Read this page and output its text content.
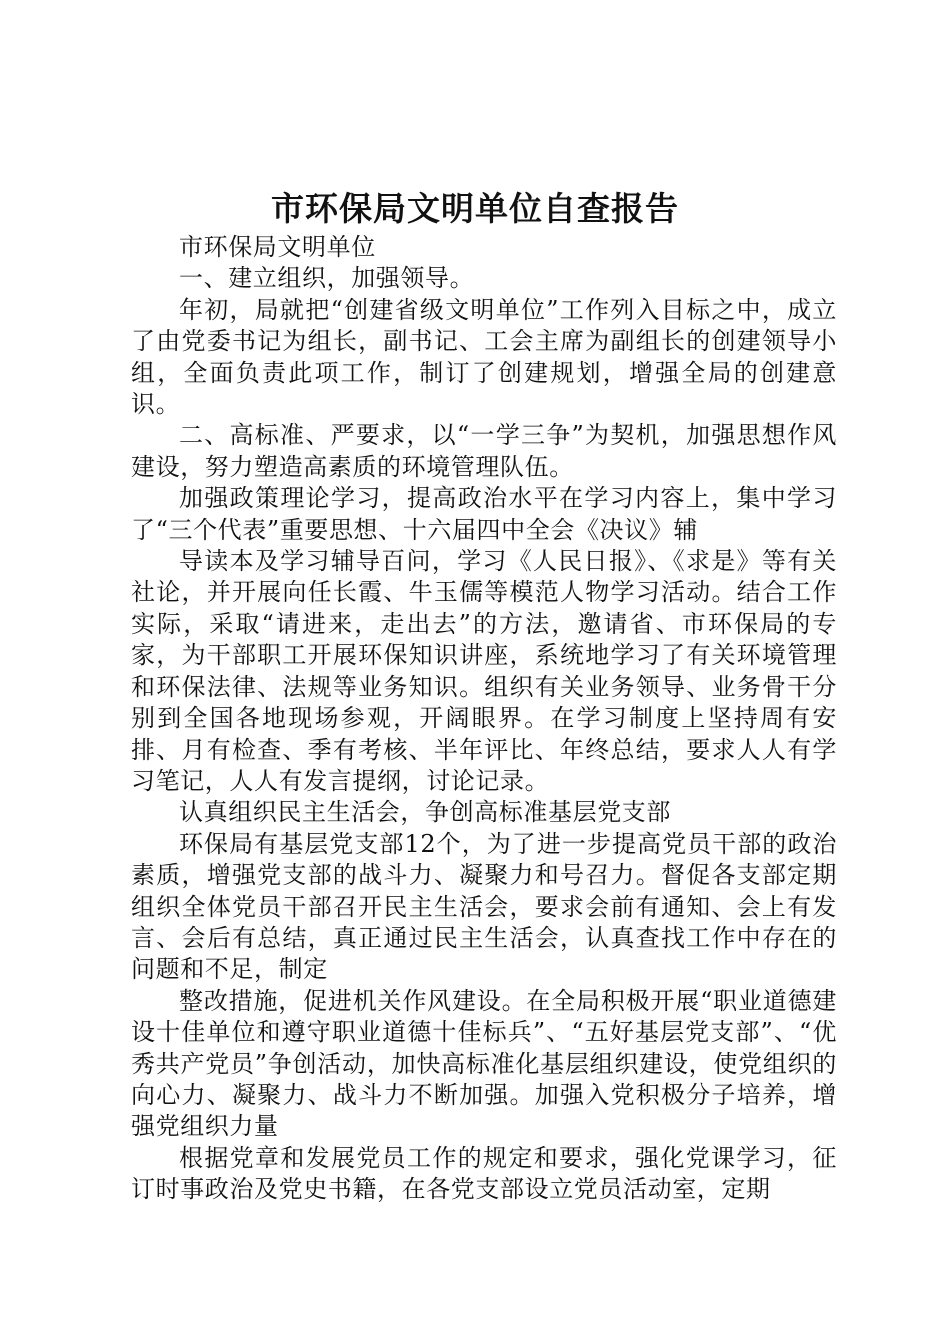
市环保局文明单位自查报告

市环保局文明单位

一、建立组织，加强领导。

年初，局就把“创建省级文明单位”工作列入目标之中，成立了由党委书记为组长，副书记、工会主席为副组长的创建领导小组，全面负责此项工作，制订了创建规划，增强全局的创建意识。

二、高标准、严要求，以“一学三争”为契机，加强思想作风建设，努力塑造高素质的环境管理队伍。

加强政策理论学习，提高政治水平在学习内容上，集中学习了“三个代表”重要思想、十六届四中全会《决议》辅

导读本及学习辅导百问，学习《人民日报》、《求是》等有关社论，并开展向任长霞、牛玉儒等模范人物学习活动。结合工作实际，采取“请进来，走出去”的方法，邀请省、市环保局的专家，为干部职工开展环保知识讲座，系统地学习了有关环境管理和环保法律、法规等业务知识。组织有关业务领导、业务骨干分别到全国各地现场参观，开阔眼界。在学习制度上坚持周有安排、月有检查、季有考核、半年评比、年终总结，要求人人有学习笔记，人人有发言提纲，讨论记录。

认真组织民主生活会，争创高标准基层党支部

环保局有基层党支部12个，为了进一步提高党员干部的政治素质，增强党支部的战斗力、凝聚力和号召力。督促各支部定期组织全体党员干部召开民主生活会，要求会前有通知、会上有发言、会后有总结，真正通过民主生活会，认真查找工作中存在的问题和不足，制定

整改措施，促进机关作风建设。在全局积极开展“职业道德建设十佳单位和遵守职业道德十佳标兵”、“五好基层党支部”、“优秀共产党员”争创活动，加快高标准化基层组织建设，使党组织的向心力、凝聚力、战斗力不断加强。加强入党积极分子培养，增强党组织力量

根据党章和发展党员工作的规定和要求，强化党课学习，征订时事政治及党史书籍，在各党支部设立党员活动室，定期
